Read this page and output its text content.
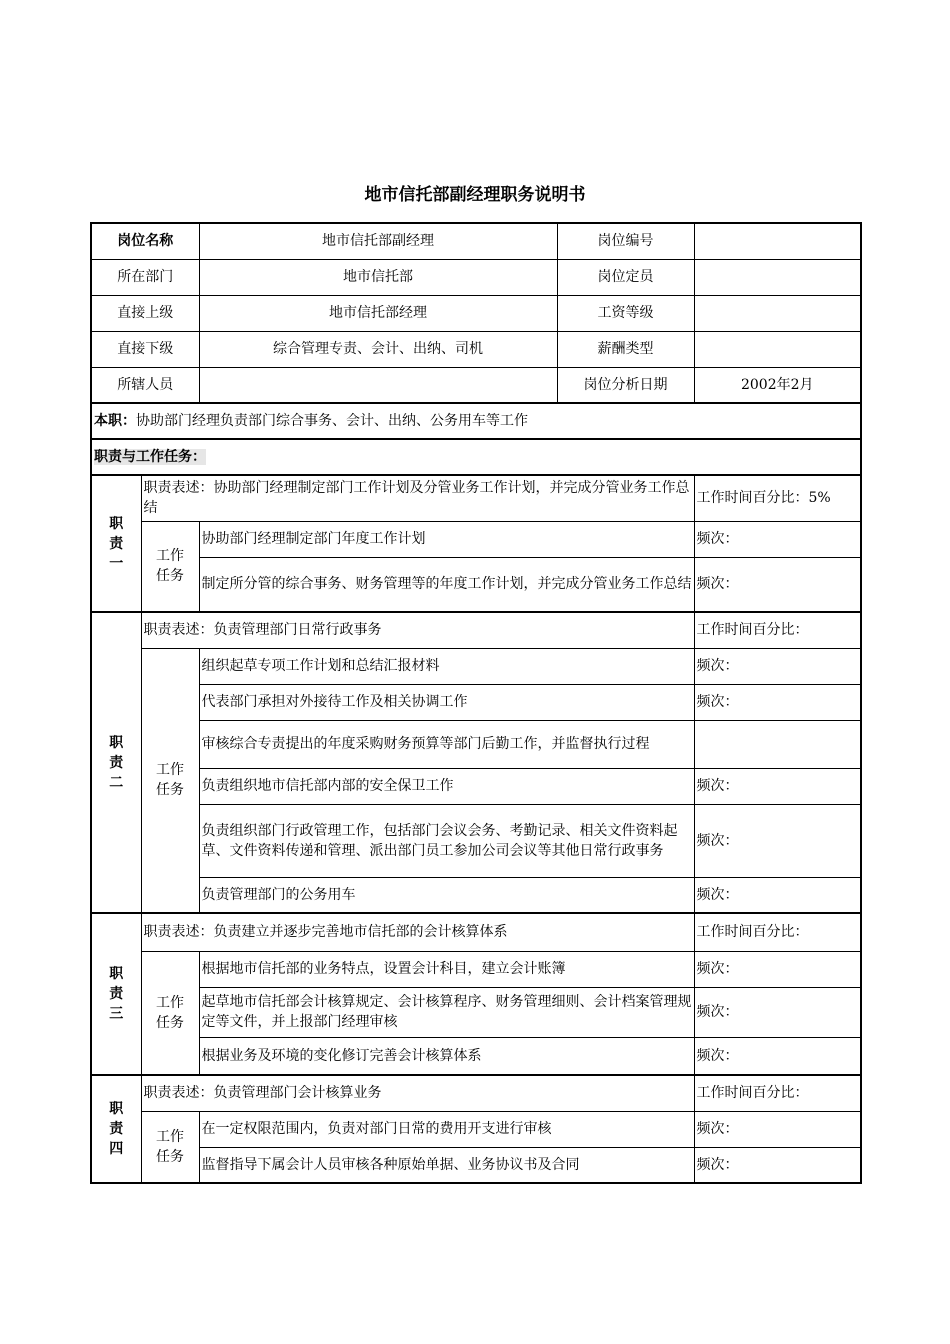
地市信托部副经理职务说明书
岗位名称		地市信托部副经理	岗位编号	
所在部门		地市信托部	岗位定员	
直接上级		地市信托部经理	工资等级	
直接下级		综合管理专责、会计、出纳、司机	薪酬类型	
所辖人员			岗位分析日期	2002年2月
本职：协助部门经理负责部门综合事务、会计、出纳、公务用车等工作				
职责与工作任务：				

职责一	职责表述：协助部门经理制定部门工作计划及分管业务工作计划，并完成分管业务工作总结			工作时间百分比：5%

	工作任务	协助部门经理制定部门年度工作计划		频次：
		制定所分管的综合事务、财务管理等的年度工作计划，并完成分管业务工作总结		频次：

职责二	职责表述：负责管理部门日常行政事务			工作时间百分比：

	工作任务	组织起草专项工作计划和总结汇报材料		频次：
		代表部门承担对外接待工作及相关协调工作		频次：
		审核综合专责提出的年度采购财务预算等部门后勤工作，并监督执行过程		
		负责组织地市信托部内部的安全保卫工作		频次：
		负责组织部门行政管理工作，包括部门会议会务、考勤记录、相关文件资料起草、文件资料传递和管理、派出部门员工参加公司会议等其他日常行政事务		频次：
		负责管理部门的公务用车		频次：

职责三	职责表述：负责建立并逐步完善地市信托部的会计核算体系			工作时间百分比：

	工作任务	根据地市信托部的业务特点，设置会计科目，建立会计账簿		频次：
		起草地市信托部会计核算规定、会计核算程序、财务管理细则、会计档案管理规定等文件，并上报部门经理审核		频次：
		根据业务及环境的变化修订完善会计核算体系		频次：

职责四	职责表述：负责管理部门会计核算业务			工作时间百分比：

	工作任务	在一定权限范围内，负责对部门日常的费用开支进行审核		频次：
		监督指导下属会计人员审核各种原始单据、业务协议书及合同		频次：
